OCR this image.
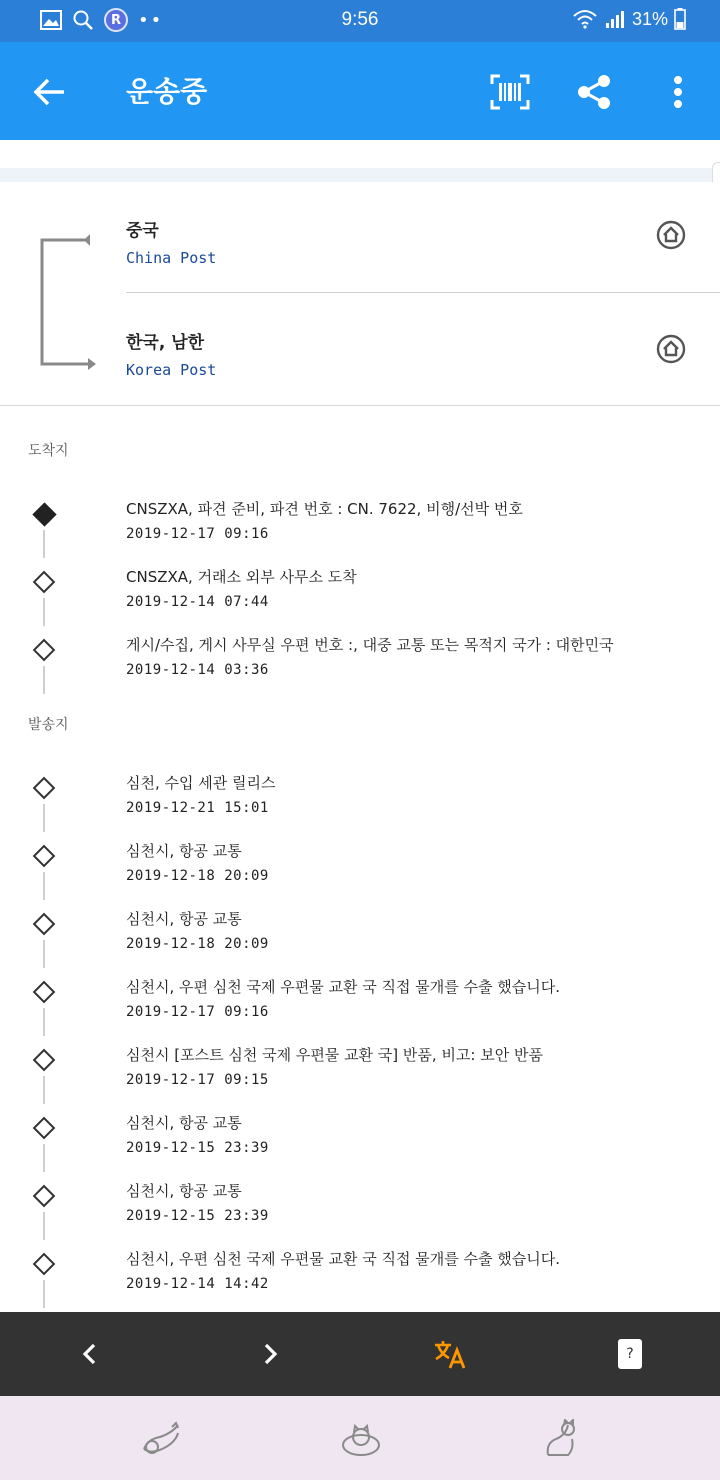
R ••	9:56	31%
운송중
중국
China Post
한국, 남한
Korea Post
도착지
CNSZXA, 파견 준비, 파견 번호 : CN. 7622, 비행/선박 번호
2019-12-17 09:16
CNSZXA, 거래소 외부 사무소 도착
2019-12-14 07:44
게시/수집, 게시 사무실 우편 번호 :, 대중 교통 또는 목적지 국가 : 대한민국
2019-12-14 03:36
발송지
심천, 수입 세관 릴리스
2019-12-21 15:01
심천시, 항공 교통
2019-12-18 20:09
심천시, 항공 교통
2019-12-18 20:09
심천시, 우편 심천 국제 우편물 교환 국 직접 물개를 수출 했습니다.
2019-12-17 09:16
심천시 [포스트 심천 국제 우편물 교환 국] 반품, 비고: 보안 반품
2019-12-17 09:15
심천시, 항공 교통
2019-12-15 23:39
심천시, 항공 교통
2019-12-15 23:39
심천시, 우편 심천 국제 우편물 교환 국 직접 물개를 수출 했습니다.
2019-12-14 14:42
?
